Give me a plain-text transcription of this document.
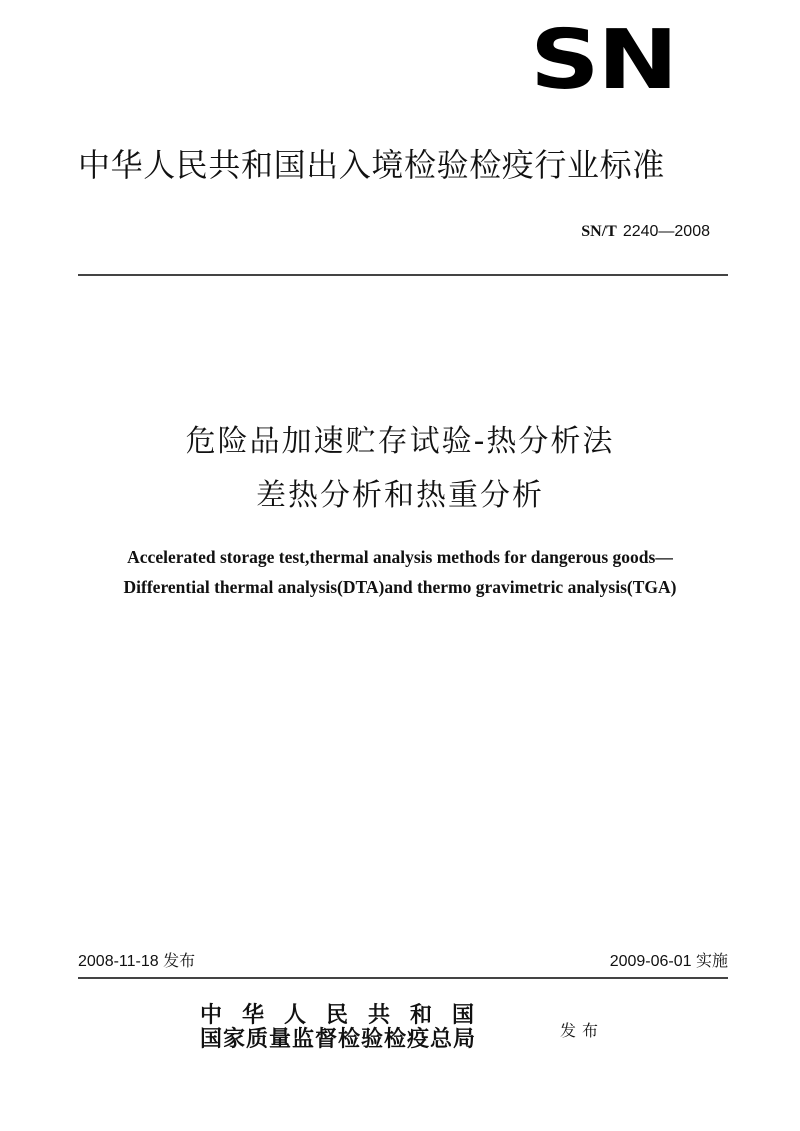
SN
中华人民共和国出入境检验检疫行业标准
SN/T 2240—2008
危险品加速贮存试验-热分析法
差热分析和热重分析
Accelerated storage test,thermal analysis methods for dangerous goods—
Differential thermal analysis(DTA)and thermo gravimetric analysis(TGA)
2008-11-18 发布	2009-06-01 实施
中华人民共和国
国家质量监督检验检疫总局	发布
